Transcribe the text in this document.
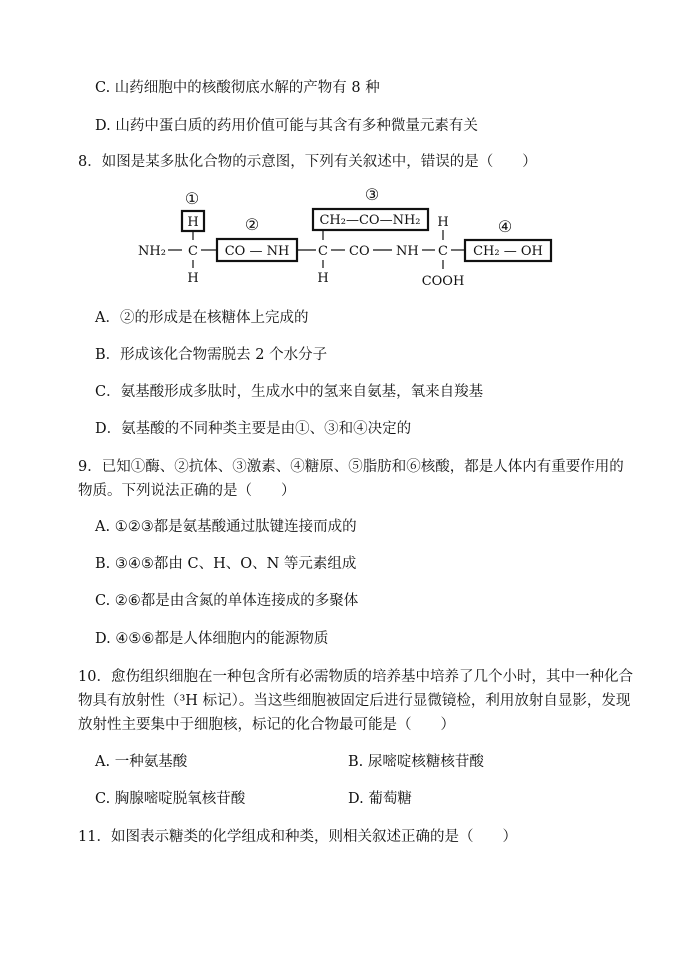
C. 山药细胞中的核酸彻底水解的产物有 8 种
D. 山药中蛋白质的药用价值可能与其含有多种微量元素有关
8．如图是某多肽化合物的示意图，下列有关叙述中，错误的是（　　）
①
②
③
④
H
NH₂ C
H
CO — NH
CH₂—CO—NH₂
C
H
CO NH
H
C
COOH
CH₂ — OH
A．②的形成是在核糖体上完成的
B．形成该化合物需脱去 2 个水分子
C．氨基酸形成多肽时，生成水中的氢来自氨基，氧来自羧基
D．氨基酸的不同种类主要是由①、③和④决定的
9．已知①酶、②抗体、③激素、④糖原、⑤脂肪和⑥核酸，都是人体内有重要作用的
物质。下列说法正确的是（　　）
A. ①②③都是氨基酸通过肽键连接而成的
B. ③④⑤都由 C、H、O、N 等元素组成
C. ②⑥都是由含氮的单体连接成的多聚体
D. ④⑤⑥都是人体细胞内的能源物质
10．愈伤组织细胞在一种包含所有必需物质的培养基中培养了几个小时，其中一种化合
物具有放射性（³H 标记）。当这些细胞被固定后进行显微镜检，利用放射自显影，发现
放射性主要集中于细胞核，标记的化合物最可能是（　　）
A. 一种氨基酸	B. 尿嘧啶核糖核苷酸
C. 胸腺嘧啶脱氧核苷酸	D. 葡萄糖
11．如图表示糖类的化学组成和种类，则相关叙述正确的是（　　）
